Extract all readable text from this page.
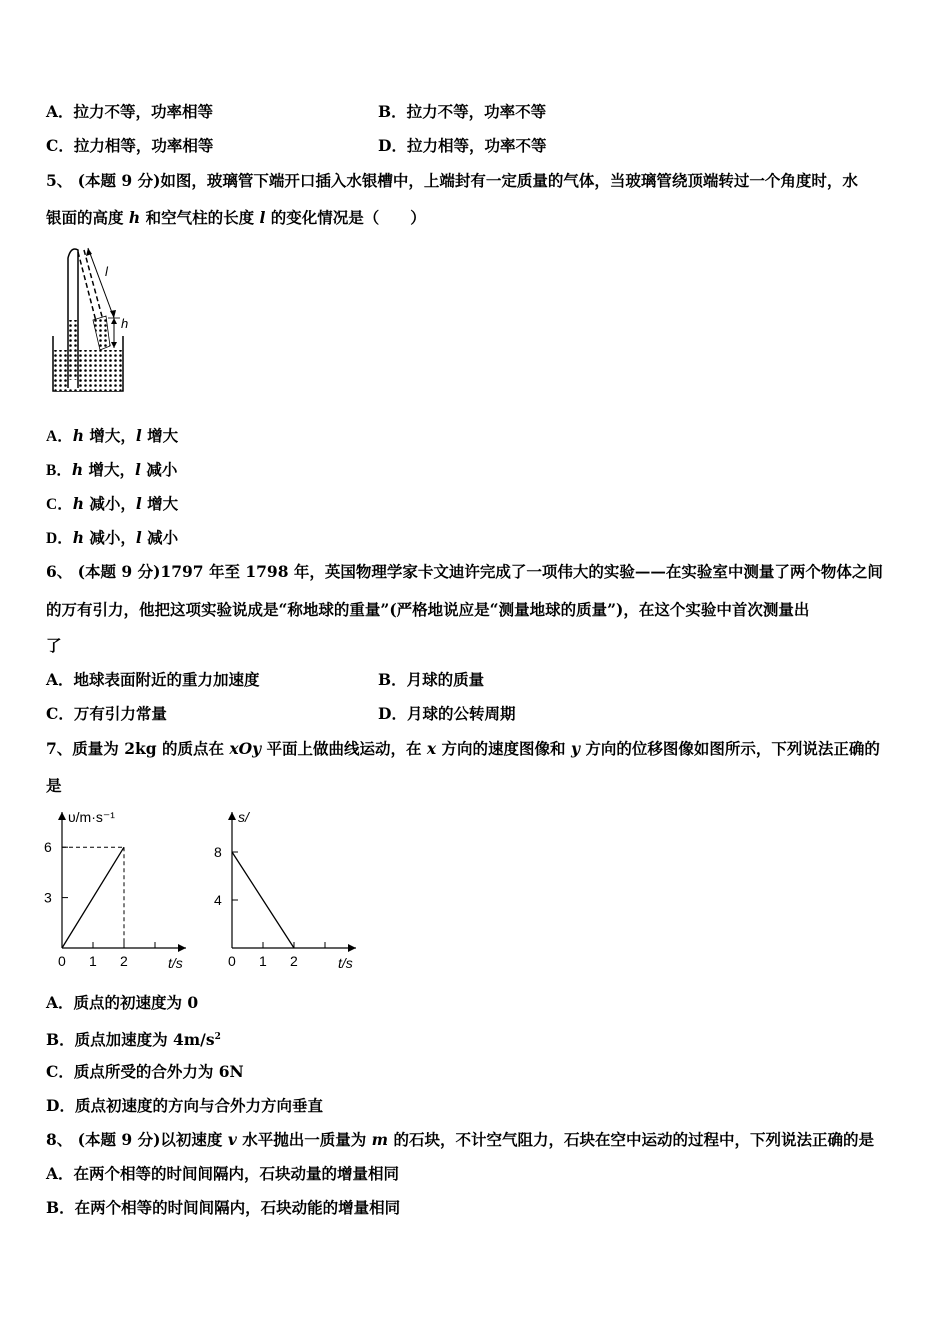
A．拉力不等，功率相等	B．拉力不等，功率不等
C．拉力相等，功率相等	D．拉力相等，功率不等
5、 (本题 9 分)如图，玻璃管下端开口插入水银槽中，上端封有一定质量的气体，当玻璃管绕顶端转过一个角度时，水
银面的高度 h 和空气柱的长度 l 的变化情况是（　　）
l
h
A．h 增大，l 增大
B．h 增大，l 减小
C．h 减小，l 增大
D．h 减小，l 减小
6、 (本题 9 分)1797 年至 1798 年，英国物理学家卡文迪许完成了一项伟大的实验——在实验室中测量了两个物体之间
的万有引力，他把这项实验说成是“称地球的重量”(严格地说应是“测量地球的质量”)，在这个实验中首次测量出
了
A．地球表面附近的重力加速度	B．月球的质量
C．万有引力常量	D．月球的公转周期
7、质量为 2kg 的质点在 xOy 平面上做曲线运动，在 x 方向的速度图像和 y 方向的位移图像如图所示，下列说法正确的
是
υ/m·s⁻¹
t/s
0 1 2
3
6
s/
t/s
0 1 2
4
8
A．质点的初速度为 0
B．质点加速度为 $4m/s^2$
C．质点所受的合外力为 6N
D．质点初速度的方向与合外力方向垂直
8、 (本题 9 分)以初速度 v 水平抛出一质量为 m 的石块，不计空气阻力，石块在空中运动的过程中，下列说法正确的是
A．在两个相等的时间间隔内，石块动量的增量相同
B．在两个相等的时间间隔内，石块动能的增量相同
